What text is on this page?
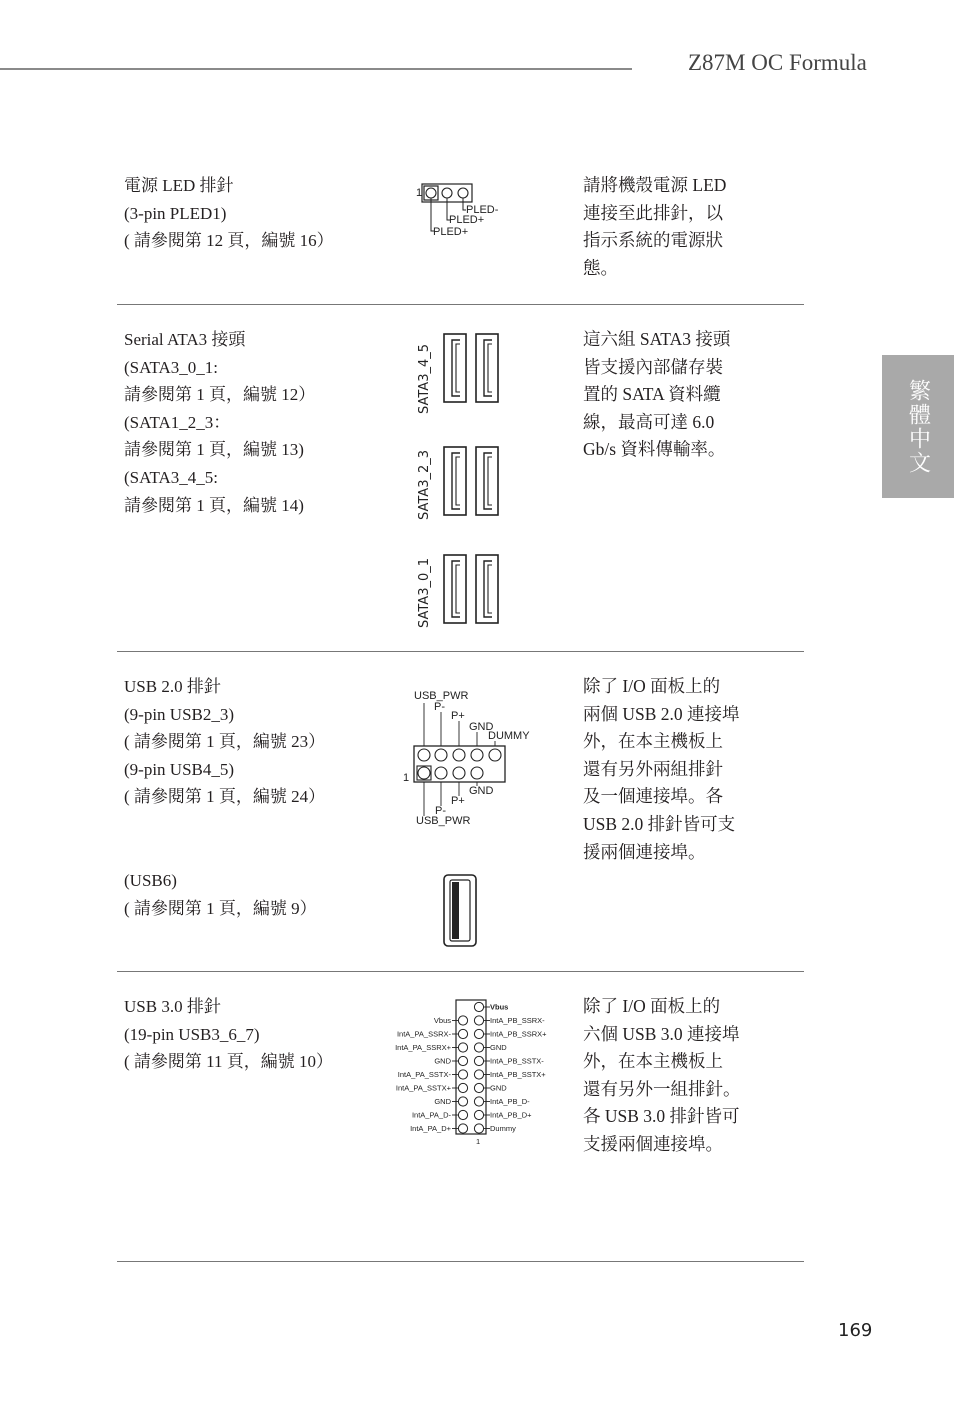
Z87M OC Formula
繁體中文
電源 LED 排針
(3-pin PLED1)
( 請參閱第 12 頁，編號 16）
請將機殼電源 LED
連接至此排針，以
指示系統的電源狀
態。
1
PLED-
PLED+
PLED+
Serial ATA3 接頭
(SATA3_0_1:
請參閱第 1 頁，編號 12）
(SATA1_2_3：
請參閱第 1 頁，編號 13)
(SATA3_4_5:
請參閱第 1 頁，編號 14)
這六組 SATA3 接頭
皆支援內部儲存裝
置的 SATA 資料纜
線，最高可達 6.0
Gb/s 資料傳輸率。
SATA3_4_5
SATA3_2_3
SATA3_0_1
USB 2.0 排針
(9-pin USB2_3)
( 請參閱第 1 頁，編號 23）
(9-pin USB4_5)
( 請參閱第 1 頁，編號 24）
(USB6)
( 請參閱第 1 頁，編號 9）
除了 I/O 面板上的
兩個 USB 2.0 連接埠
外，在本主機板上
還有另外兩組排針
及一個連接埠。各
USB 2.0 排針皆可支
援兩個連接埠。
USB_PWR
P-
P+
GND
DUMMY
1
GND
P+
P-
USB_PWR
USB 3.0 排針
(19-pin USB3_6_7)
( 請參閱第 11 頁，編號 10）
除了 I/O 面板上的
六個 USB 3.0 連接埠
外，在本主機板上
還有另外一組排針。
各 USB 3.0 排針皆可
支援兩個連接埠。
Vbus
IntA_PB_SSRX-
IntA_PB_SSRX+
GND
IntA_PB_SSTX-
IntA_PB_SSTX+
GND
IntA_PB_D-
IntA_PB_D+
Dummy
Vbus
IntA_PA_SSRX-
IntA_PA_SSRX+
GND
IntA_PA_SSTX-
IntA_PA_SSTX+
GND
IntA_PA_D-
IntA_PA_D+
1
169
